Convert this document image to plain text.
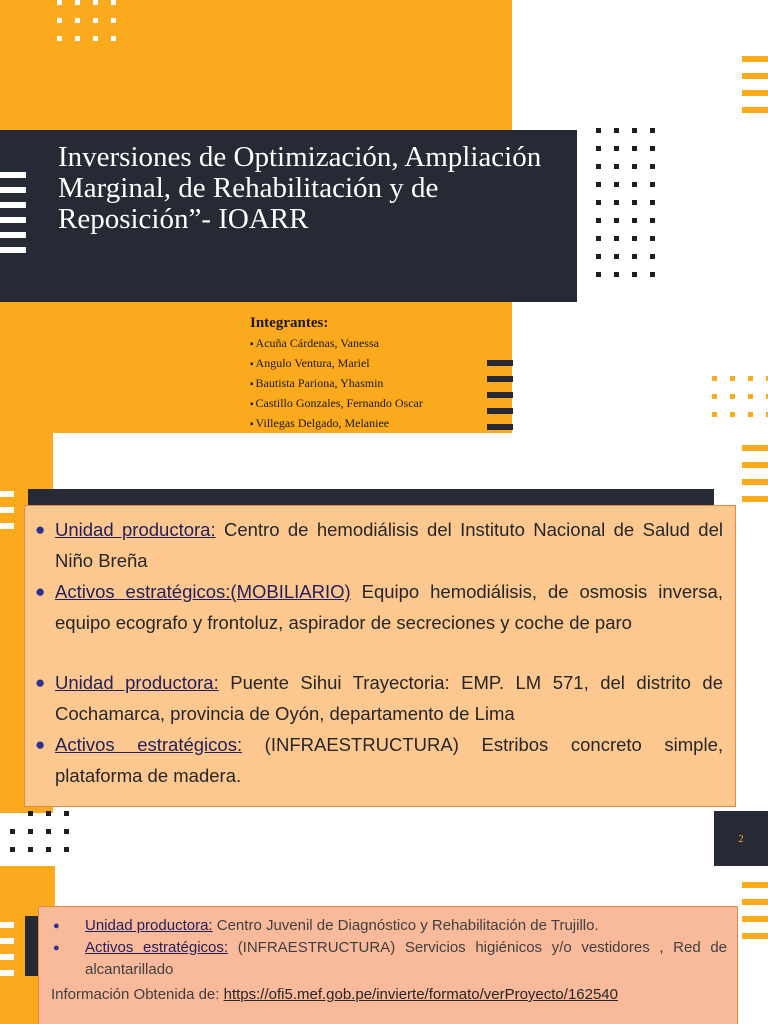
Inversiones de Optimización, Ampliación Marginal, de Rehabilitación y de Reposición”- IOARR
Integrantes:
▪ Acuña Cárdenas, Vanessa
▪ Angulo Ventura, Mariel
▪ Bautista Pariona, Yhasmin
▪ Castillo Gonzales, Fernando Oscar
▪ Villegas Delgado, Melaniee
● Unidad productora: Centro de hemodiálisis del Instituto Nacional de Salud del Niño Breña
● Activos estratégicos:(MOBILIARIO) Equipo hemodiálisis, de osmosis inversa, equipo ecografo y frontoluz, aspirador de secreciones y coche de paro
● Unidad productora: Puente Sihui Trayectoria: EMP. LM 571, del distrito de Cochamarca, provincia de Oyón, departamento de Lima
● Activos estratégicos: (INFRAESTRUCTURA) Estribos concreto simple, plataforma de madera.
2
●	Unidad productora: Centro Juvenil de Diagnóstico y Rehabilitación de Trujillo.
●	Activos estratégicos: (INFRAESTRUCTURA) Servicios higiénicos y/o vestidores , Red de alcantarillado
Información Obtenida de: https://ofi5.mef.gob.pe/invierte/formato/verProyecto/162540
